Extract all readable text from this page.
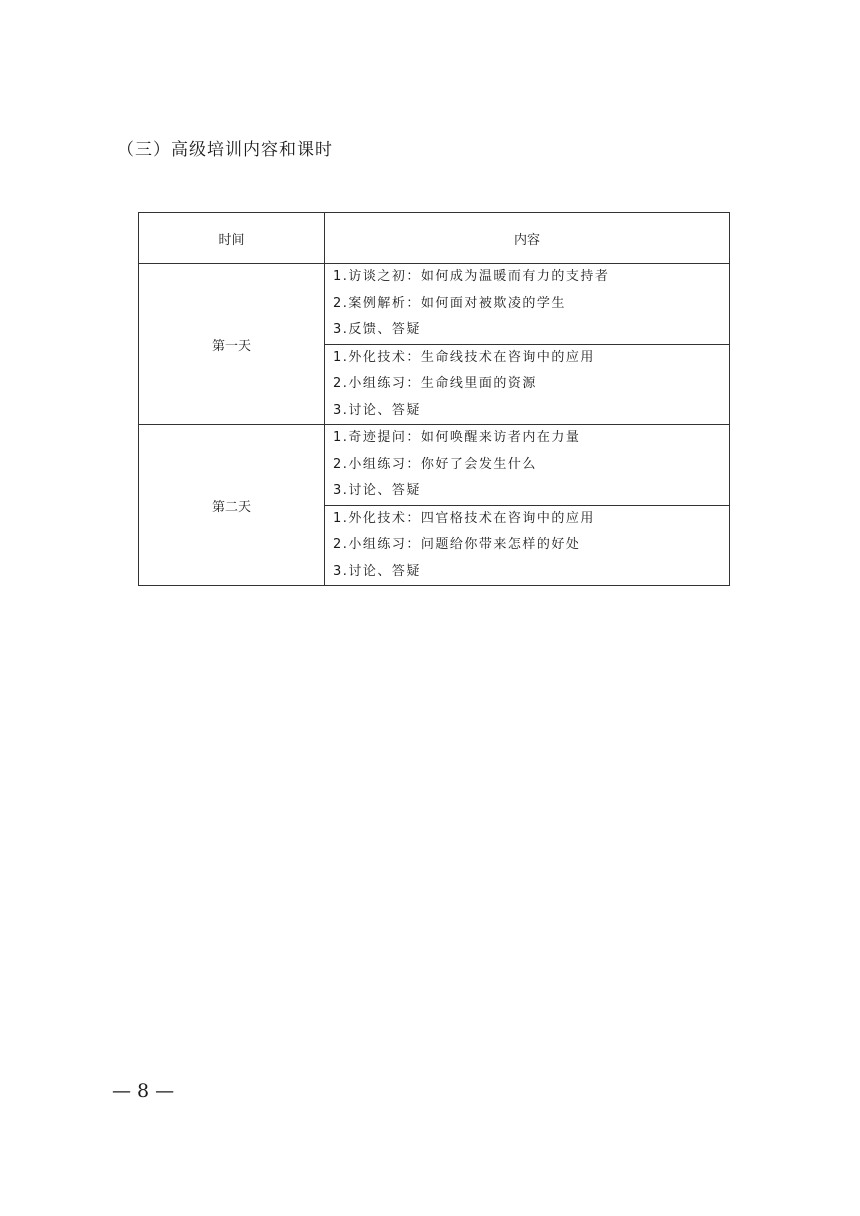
（三）高级培训内容和课时
时间	内容
第一天	1.访谈之初：如何成为温暖而有力的支持者
2.案例解析：如何面对被欺凌的学生
3.反馈、答疑

	1.外化技术：生命线技术在咨询中的应用
2.小组练习：生命线里面的资源
3.讨论、答疑

第二天	1.奇迹提问：如何唤醒来访者内在力量
2.小组练习：你好了会发生什么
3.讨论、答疑

	1.外化技术：四官格技术在咨询中的应用
2.小组练习：问题给你带来怎样的好处
3.讨论、答疑
— 8 —
